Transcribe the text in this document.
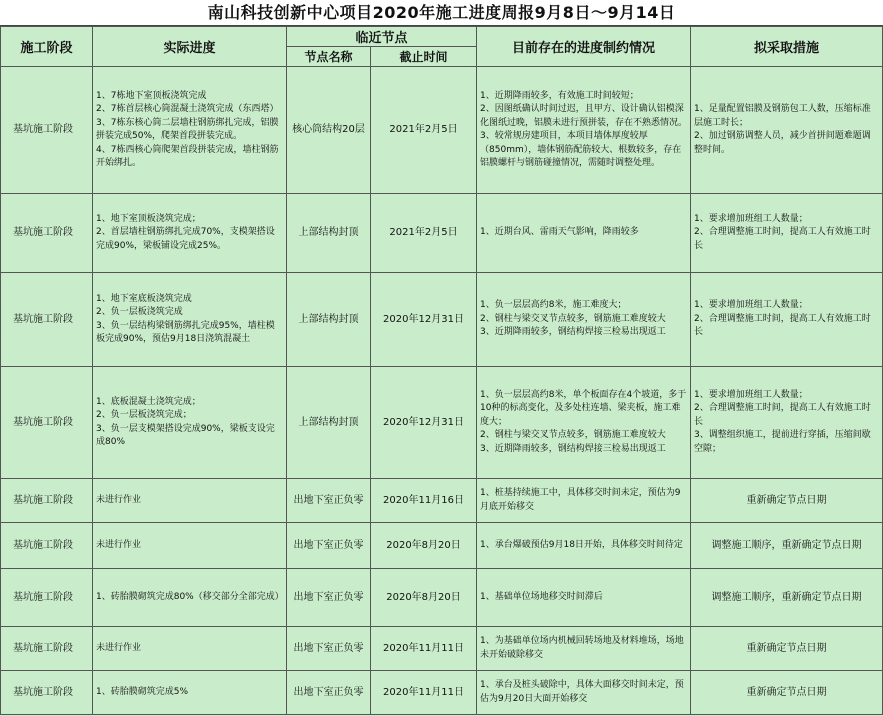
南山科技创新中心项目2020年施工进度周报9月8日～9月14日
施工阶段	实际进度	临近节点		目前存在的进度制约情况	拟采取措施
		节点名称	截止时间		
基坑施工阶段	1、7栋地下室顶板浇筑完成
2、7栋首层核心筒混凝土浇筑完成（东西塔）
3、7栋东核心筒二层墙柱钢筋绑扎完成，铝膜拼装完成50%，爬架首段拼装完成。
4、7栋西核心筒爬架首段拼装完成，墙柱钢筋开始绑扎。	核心筒结构20层	2021年2月5日	1、近期降雨较多，有效施工时间较短；
2、因图纸确认时间过迟，且甲方、设计确认铝模深化图纸过晚，铝膜未进行预拼装，存在不熟悉情况。
3、较常规房建项目，本项目墙体厚度较厚（850mm），墙体钢筋配筋较大、根数较多，存在铝膜螺杆与钢筋碰撞情况，需随时调整处理。	1、足量配置铝膜及钢筋包工人数，压缩标准层施工时长；
2、加过钢筋调整人员，减少首拼间题难题调整时间。
基坑施工阶段	1、地下室顶板浇筑完成；
2、首层墙柱钢筋绑扎完成70%，支模架搭设完成90%，梁板铺设完成25%。	上部结构封顶	2021年2月5日	1、近期台风、雷雨天气影响，降雨较多	1、要求增加班组工人数量；
2、合理调整施工时间，提高工人有效施工时长
基坑施工阶段	1、地下室底板浇筑完成
2、负一层板浇筑完成
3、负一层结构梁钢筋绑扎完成95%，墙柱模板完成90%，预估9月18日浇筑混凝土	上部结构封顶	2020年12月31日	1、负一层层高约8米，施工难度大；
2、钢柱与梁交叉节点较多，钢筋施工难度较大
3、近期降雨较多，钢结构焊接三检易出现返工	1、要求增加班组工人数量；
2、合理调整施工时间，提高工人有效施工时长
基坑施工阶段	1、底板混凝土浇筑完成；
2、负一层板浇筑完成；
3、负一层支模架搭设完成90%，梁板支设完成80%	上部结构封顶	2020年12月31日	1、负一层层高约8米，单个板面存在4个坡道，多于10种的标高变化，及多处柱连墙、梁夹板，施工难度大；
2、钢柱与梁交叉节点较多，钢筋施工难度较大
3、近期降雨较多，钢结构焊接三检易出现返工	1、要求增加班组工人数量；
2、合理调整施工时间，提高工人有效施工时长
3、调整组织施工，提前进行穿插，压缩间歇空隙；
基坑施工阶段	未进行作业	出地下室正负零	2020年11月16日	1、桩基持续施工中，具体移交时间未定，预估为9月底开始移交	重新确定节点日期
基坑施工阶段	未进行作业	出地下室正负零	2020年8月20日	1、承台爆破预估9月18日开始，具体移交时间待定	调整施工顺序，重新确定节点日期
基坑施工阶段	1、砖胎膜砌筑完成80%（移交部分全部完成）	出地下室正负零	2020年8月20日	1、基础单位场地移交时间滞后	调整施工顺序，重新确定节点日期
基坑施工阶段	未进行作业	出地下室正负零	2020年11月11日	1、为基础单位场内机械回转场地及材料堆场，场地未开始破除移交	重新确定节点日期
基坑施工阶段	1、砖胎膜砌筑完成5%	出地下室正负零	2020年11月11日	1、承台及桩头破除中，具体大面移交时间未定，预估为9月20日大面开始移交	重新确定节点日期
